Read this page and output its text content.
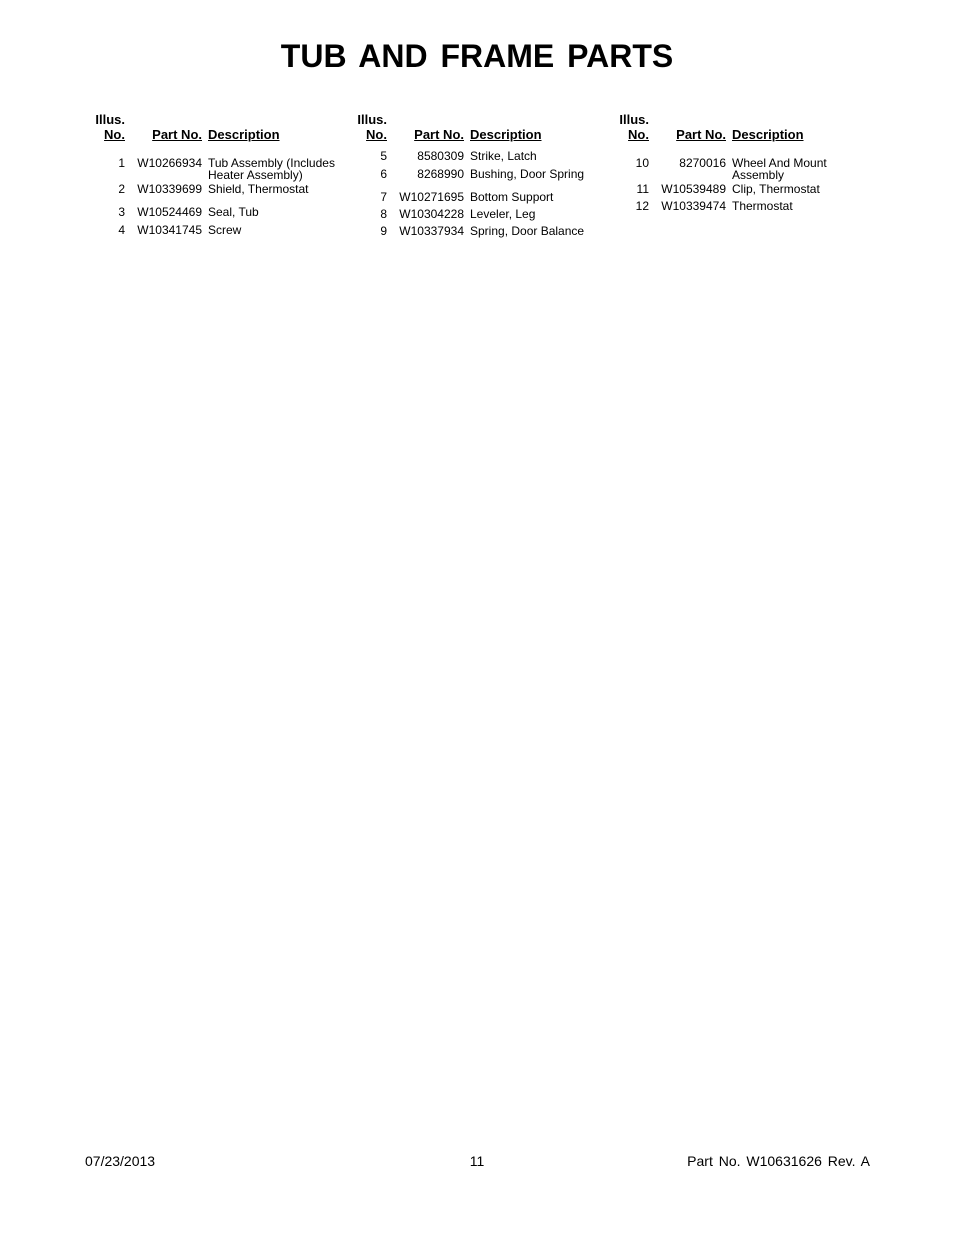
TUB AND FRAME PARTS
Illus.
No.	Part No. Description
1	W10266934 Tub Assembly (Includes Heater Assembly)
2	W10339699 Shield, Thermostat
3	W10524469 Seal, Tub
4	W10341745 Screw
Illus.
No.	Part No. Description
5	8580309 Strike, Latch
6	8268990 Bushing, Door Spring
7	W10271695 Bottom Support
8	W10304228 Leveler, Leg
9	W10337934 Spring, Door Balance
Illus.
No.	Part No. Description
10	8270016 Wheel And Mount Assembly
11	W10539489 Clip, Thermostat
12	W10339474 Thermostat
07/23/2013	11	Part No. W10631626 Rev. A
